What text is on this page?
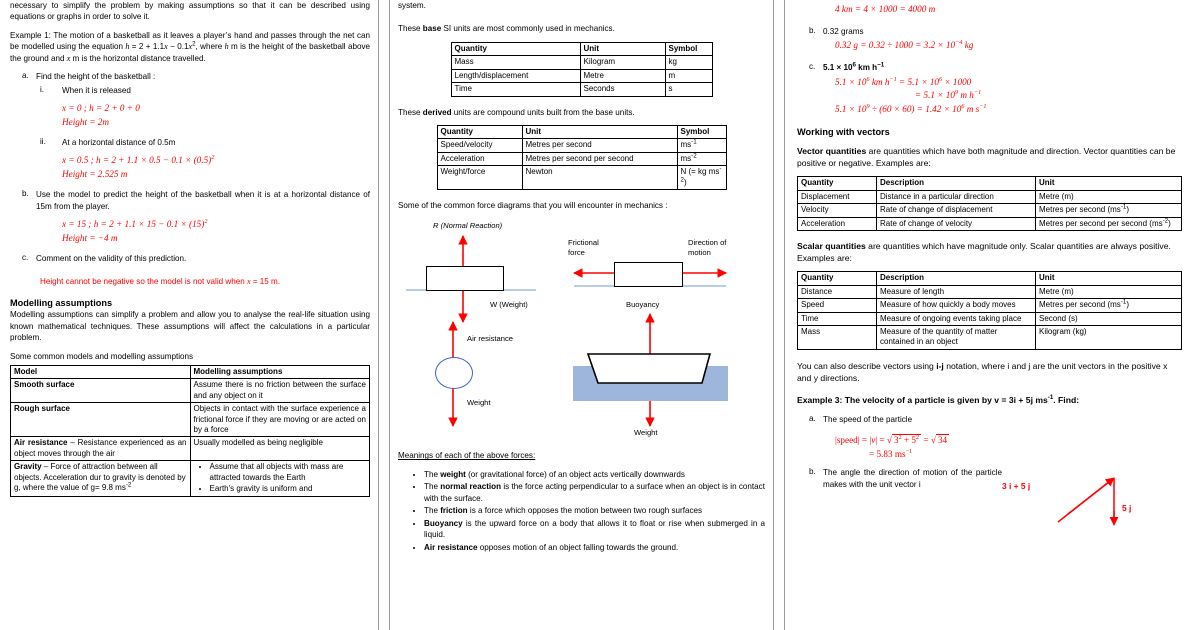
necessary to simplify the problem by making assumptions so that it can be described using equations or graphs in order to solve it.

Example 1: The motion of a basketball as it leaves a player’s hand and passes through the net can be modelled using the equation $h = 2 + 1.1x - 0.1x^2$, where h m is the height of the basketball above the ground and x m is the horizontal distance travelled.

a. Find the height of the basketball :
i.	When it is released
x = 0 ; h = 2 + 0 + 0
Height = 2m
ii.	At a horizontal distance of 0.5m
x = 0.5 ; $h = 2 + 1.1 \times 0.5 - 0.1 \times (0.5)^2$
Height = 2.525 m
b. Use the model to predict the height of the basketball when it is at a horizontal distance of 15m from the player.
x = 15 ; $h = 2 + 1.1 \times 15 - 0.1 \times (15)^2$
Height = −4 m
c. Comment on the validity of this prediction.
Height cannot be negative so the model is not valid when x = 15 m.
Modelling assumptions

Modelling assumptions can simplify a problem and allow you to analyse the real-life situation using known mathematical techniques. These assumptions will affect the calculations in a particular problem.

Some common models and modelling assumptions

Model	Modelling assumptions
Smooth surface	Assume there is no friction between the surface and any object on it
Rough surface	Objects in contact with the surface experience a frictional force if they are moving or are acted on by a force
Air resistance – Resistance experienced as an object moves through the air	Usually modelled as being negligible
Gravity – Force of attraction between all objects. Acceleration dur to gravity is denoted by g, where the value of g= 9.8 $ms^{-2}$	
• Assume that all objects with mass are attracted towards the Earth
• Earth's gravity is uniform and

system.

These base SI units are most commonly used in mechanics.

Quantity	Unit	Symbol
Mass	Kilogram	kg
Length/displacement	Metre	m
Time	Seconds	s

These derived units are compound units built from the base units.

Quantity	Unit	Symbol
Speed/velocity	Metres per second	$ms^{-1}$
Acceleration	Metres per second per second	$ms^{-2}$
Weight/force	Newton	N (= kg $ms^{-2}$)

Some of the common force diagrams that you will encounter in mechanics :

R (Normal Reaction)
W (Weight)
Frictional
force
Direction of
motion
Air resistance
Weight
Buoyancy
Weight

Meanings of each of the above forces:

• The weight (or gravitational force) of an object acts vertically downwards
• The normal reaction is the force acting perpendicular to a surface when an object is in contact with the surface.
• The friction is a force which opposes the motion between two rough surfaces
• Buoyancy is the upward force on a body that allows it to float or rise when submerged in a liquid.
• Air resistance opposes motion of an object falling towards the ground.
4 km = 4 × 1000 = 4000 m
b. 0.32 grams
0.32 $g = 0.32 \div 1000 = 3.2 \times 10^{-4}$ kg
c. $5.1 \times 10^6$ km $h^{-1}$
$5.1 \times 10^6$ km $h^{-1} = 5.1 \times 10^6 \times 1000$
= $5.1 \times 10^9$ m $h^{-1}$
$5.1 \times 10^9 \div (60 \times 60) = 1.42 \times 10^6$ m $s^{-1}$
Working with vectors

Vector quantities are quantities which have both magnitude and direction. Vector quantities can be positive or negative. Examples are:

Quantity	Description	Unit
Displacement	Distance in a particular direction	Metre (m)
Velocity	Rate of change of displacement	Metres per second $(ms^{-1})$
Acceleration	Rate of change of velocity	Metres per second per second $(ms^{-2})$

Scalar quantities are quantities which have magnitude only. Scalar quantities are always positive. Examples are:

Quantity	Description	Unit
Distance	Measure of length	Metre (m)
Speed	Measure of how quickly a body moves	Metres per second $(ms^{-1})$
Time	Measure of ongoing events taking place	Second (s)
Mass	Measure of the quantity of matter contained in an object	Kilogram (kg)

You can also describe vectors using i-j notation, where i and j are the unit vectors in the positive x and y directions.

Example 3: The velocity of a particle is given by v = 3i + 5j $ms^{-1}$. Find:

a. The speed of the particle
|speed| = |v| = √ $3^2 + 5^2$ = √ 34
= 5.83 $ms^{-1}$
b. The angle the direction of motion of the particle makes with the unit vector i	3 i + 5 j
5 j
